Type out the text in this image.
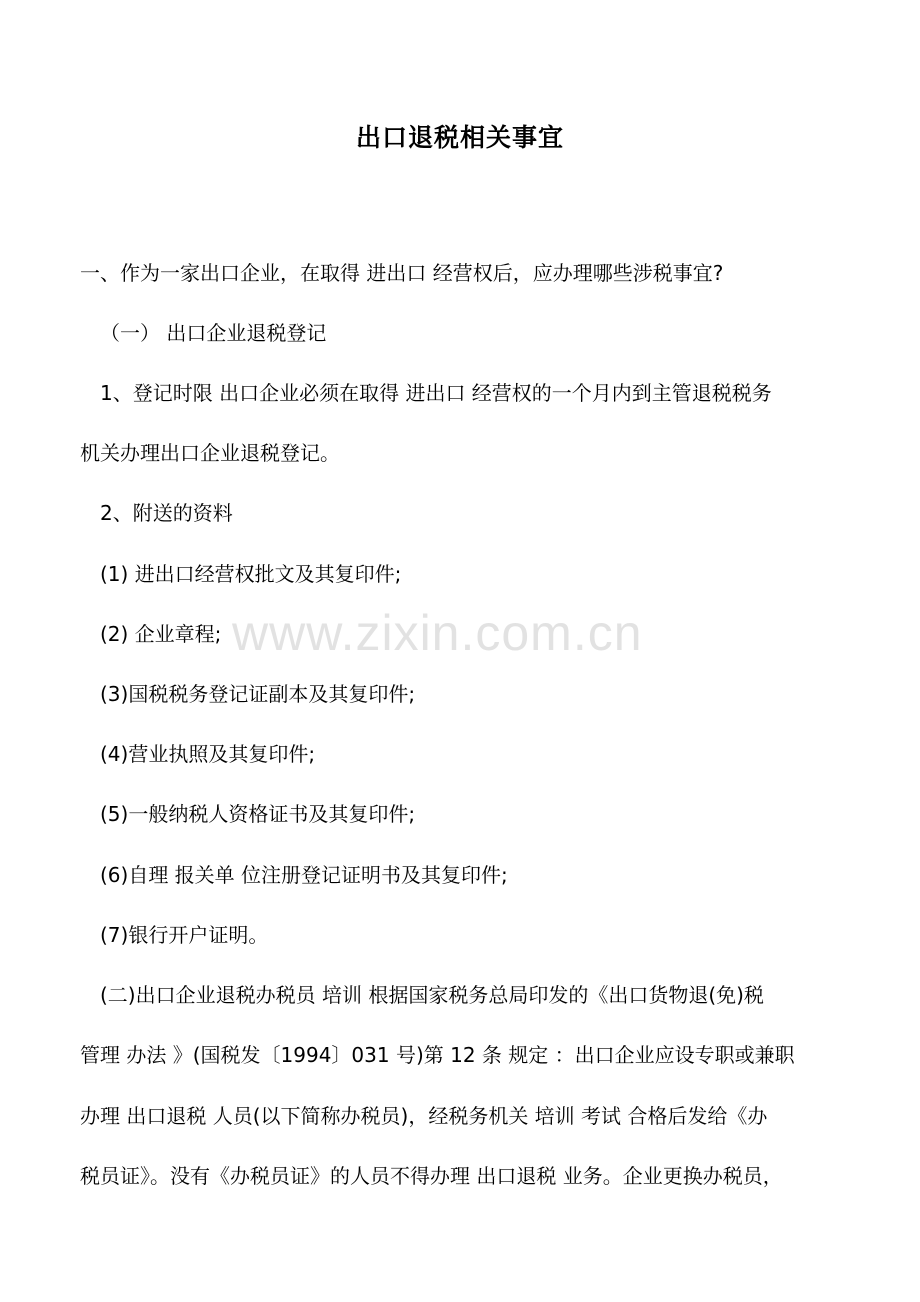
出口退税相关事宜
一、作为一家出口企业，在取得 进出口 经营权后，应办理哪些涉税事宜?
（一） 出口企业退税登记
1、登记时限 出口企业必须在取得 进出口 经营权的一个月内到主管退税税务
机关办理出口企业退税登记。
2、附送的资料
(1) 进出口经营权批文及其复印件;
(2) 企业章程;
(3)国税税务登记证副本及其复印件;
(4)营业执照及其复印件;
(5)一般纳税人资格证书及其复印件;
(6)自理 报关单 位注册登记证明书及其复印件;
(7)银行开户证明。
(二)出口企业退税办税员 培训 根据国家税务总局印发的《出口货物退(免)税
管理 办法 》(国税发〔1994〕031 号)第 12 条 规定 ：出口企业应设专职或兼职
办理 出口退税 人员(以下简称办税员)，经税务机关 培训 考试 合格后发给《办
税员证》。没有《办税员证》的人员不得办理 出口退税 业务。企业更换办税员，
www.zixin.com.cn
